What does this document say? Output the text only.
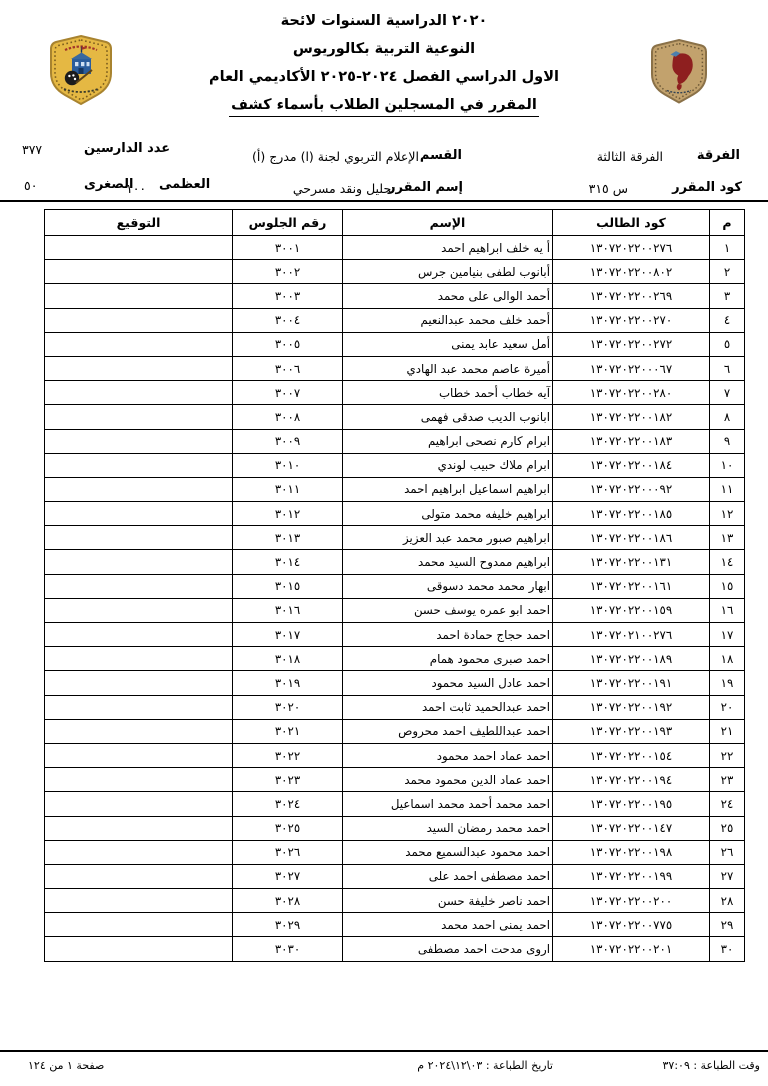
لائحة السنوات الدراسية ٢٠٢٠
بكالوريوس التربية النوعية
العام الأكاديمي ٢٠٢٤-٢٠٢٥ الفصل الدراسي الاول
كشف بأسماء الطلاب المسجلين في المقرر
الفرقة
الفرقة الثالثة
القسم
الإعلام التربوي لجنة (ا) مدرج (أ)
عدد الدارسين
٣٧٧
كود المقرر
س ٣١٥
إسم المقرر
تحليل ونقد مسرحي
العظمى
١٠٠
الصغرى
٥٠
م	كود الطالب	الإسم	رقم الجلوس	التوقيع
١	١٣٠٧٢٠٢٢٠٠٢٧٦	أ يه خلف ابراهيم احمد	٣٠٠١	
٢	١٣٠٧٢٠٢٢٠٠٨٠٢	أبانوب لطفى بنيامين جرس	٣٠٠٢	
٣	١٣٠٧٢٠٢٢٠٠٢٦٩	أحمد الوالى على محمد	٣٠٠٣	
٤	١٣٠٧٢٠٢٢٠٠٢٧٠	أحمد خلف محمد عبدالنعيم	٣٠٠٤	
٥	١٣٠٧٢٠٢٢٠٠٢٧٢	أمل سعيد عابد يمنى	٣٠٠٥	
٦	١٣٠٧٢٠٢٢٠٠٠٦٧	أميرة عاصم محمد عبد الهادي	٣٠٠٦	
٧	١٣٠٧٢٠٢٢٠٠٢٨٠	آيه خطاب أحمد خطاب	٣٠٠٧	
٨	١٣٠٧٢٠٢٢٠٠١٨٢	ابانوب الديب صدقى فهمى	٣٠٠٨	
٩	١٣٠٧٢٠٢٢٠٠١٨٣	ابرام كارم نصحى ابراهيم	٣٠٠٩	
١٠	١٣٠٧٢٠٢٢٠٠١٨٤	ابرام ملاك حبيب لوندي	٣٠١٠	
١١	١٣٠٧٢٠٢٢٠٠٠٩٢	ابراهيم اسماعيل ابراهيم احمد	٣٠١١	
١٢	١٣٠٧٢٠٢٢٠٠١٨٥	ابراهيم خليفه محمد متولى	٣٠١٢	
١٣	١٣٠٧٢٠٢٢٠٠١٨٦	ابراهيم صبور محمد عبد العزيز	٣٠١٣	
١٤	١٣٠٧٢٠٢٢٠٠١٣١	ابراهيم ممدوح السيد محمد	٣٠١٤	
١٥	١٣٠٧٢٠٢٢٠٠١٦١	ابهار محمد محمد دسوقى	٣٠١٥	
١٦	١٣٠٧٢٠٢٢٠٠١٥٩	احمد ابو عمره يوسف حسن	٣٠١٦	
١٧	١٣٠٧٢٠٢١٠٠٢٧٦	احمد حجاج حمادة احمد	٣٠١٧	
١٨	١٣٠٧٢٠٢٢٠٠١٨٩	احمد صبرى محمود همام	٣٠١٨	
١٩	١٣٠٧٢٠٢٢٠٠١٩١	احمد عادل السيد محمود	٣٠١٩	
٢٠	١٣٠٧٢٠٢٢٠٠١٩٢	احمد عبدالحميد ثابت احمد	٣٠٢٠	
٢١	١٣٠٧٢٠٢٢٠٠١٩٣	احمد عبداللطيف احمد محروص	٣٠٢١	
٢٢	١٣٠٧٢٠٢٢٠٠١٥٤	احمد عماد احمد محمود	٣٠٢٢	
٢٣	١٣٠٧٢٠٢٢٠٠١٩٤	احمد عماد الدين محمود محمد	٣٠٢٣	
٢٤	١٣٠٧٢٠٢٢٠٠١٩٥	احمد محمد أحمد محمد اسماعيل	٣٠٢٤	
٢٥	١٣٠٧٢٠٢٢٠٠١٤٧	احمد محمد رمضان السيد	٣٠٢٥	
٢٦	١٣٠٧٢٠٢٢٠٠١٩٨	احمد محمود عبدالسميع محمد	٣٠٢٦	
٢٧	١٣٠٧٢٠٢٢٠٠١٩٩	احمد مصطفى احمد على	٣٠٢٧	
٢٨	١٣٠٧٢٠٢٢٠٠٢٠٠	احمد ناصر خليفة حسن	٣٠٢٨	
٢٩	١٣٠٧٢٠٢٢٠٠٧٧٥	احمد يمنى احمد محمد	٣٠٢٩	
٣٠	١٣٠٧٢٠٢٢٠٠٢٠١	اروى مدحت احمد مصطفى	٣٠٣٠	
وقت الطباعة : ٣٧:٠٩
تاريخ الطباعة : ٠٣\١٢\٢٠٢٤ م
صفحة ١ من ١٢٤
